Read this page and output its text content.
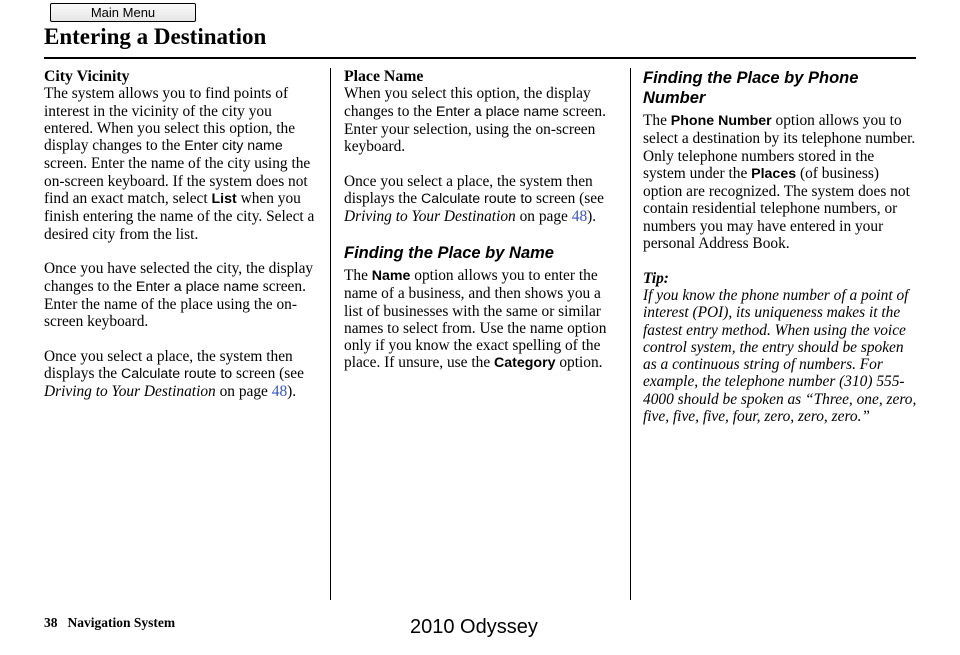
Main Menu
Entering a Destination
City Vicinity

The system allows you to find points of interest in the vicinity of the city you entered. When you select this option, the display changes to the Enter city name screen. Enter the name of the city using the on-screen keyboard. If the system does not find an exact match, select List when you finish entering the name of the city. Select a desired city from the list.

Once you have selected the city, the display changes to the Enter a place name screen. Enter the name of the place using the on-screen keyboard.

Once you select a place, the system then displays the Calculate route to screen (see Driving to Your Destination on page 48).

Place Name

When you select this option, the display changes to the Enter a place name screen. Enter your selection, using the on-screen keyboard.

Once you select a place, the system then displays the Calculate route to screen (see Driving to Your Destination on page 48).

Finding the Place by Name

The Name option allows you to enter the name of a business, and then shows you a list of businesses with the same or similar names to select from. Use the name option only if you know the exact spelling of the place. If unsure, use the Category option.

Finding the Place by Phone Number

The Phone Number option allows you to select a destination by its telephone number. Only telephone numbers stored in the system under the Places (of business) option are recognized. The system does not contain residential telephone numbers, or numbers you may have entered in your personal Address Book.

Tip:

If you know the phone number of a point of interest (POI), its uniqueness makes it the fastest entry method. When using the voice control system, the entry should be spoken as a continuous string of numbers. For example, the telephone number (310) 555-4000 should be spoken as “Three, one, zero, five, five, five, four, zero, zero, zero.”

38 Navigation System	2010 Odyssey
